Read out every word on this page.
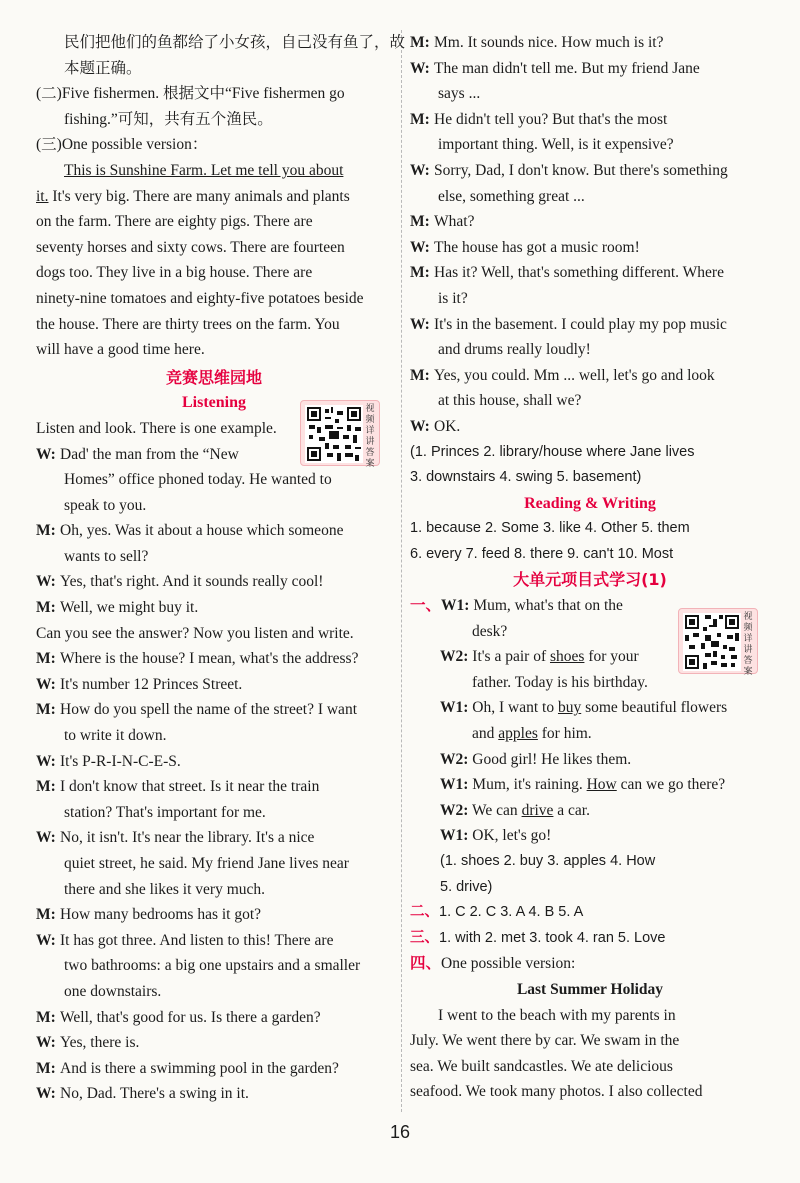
民们把他们的鱼都给了小女孩，自己没有鱼了，故
本题正确。
(二)Five fishermen. 根据文中“Five fishermen go
fishing.”可知，共有五个渔民。
(三)One possible version：
This is Sunshine Farm. Let me tell you about
it. It's very big. There are many animals and plants
on the farm. There are eighty pigs. There are
seventy horses and sixty cows. There are fourteen
dogs too. They live in a big house. There are
ninety-nine tomatoes and eighty-five potatoes beside
the house. There are thirty trees on the farm. You
will have a good time here.
竞赛思维园地
Listening
Listen and look. There is one example.
W: Dad' the man from the “New
Homes” office phoned today. He wanted to
speak to you.
M: Oh, yes. Was it about a house which someone
wants to sell?
W: Yes, that's right. And it sounds really cool!
M: Well, we might buy it.
Can you see the answer? Now you listen and write.
M: Where is the house? I mean, what's the address?
W: It's number 12 Princes Street.
M: How do you spell the name of the street? I want
to write it down.
W: It's P-R-I-N-C-E-S.
M: I don't know that street. Is it near the train
station? That's important for me.
W: No, it isn't. It's near the library. It's a nice
quiet street, he said. My friend Jane lives near
there and she likes it very much.
M: How many bedrooms has it got?
W: It has got three. And listen to this! There are
two bathrooms: a big one upstairs and a smaller
one downstairs.
M: Well, that's good for us. Is there a garden?
W: Yes, there is.
M: And is there a swimming pool in the garden?
W: No, Dad. There's a swing in it.
视频详讲答案
M: Mm. It sounds nice. How much is it?
W: The man didn't tell me. But my friend Jane
says ...
M: He didn't tell you? But that's the most
important thing. Well, is it expensive?
W: Sorry, Dad, I don't know. But there's something
else, something great ...
M: What?
W: The house has got a music room!
M: Has it? Well, that's something different. Where
is it?
W: It's in the basement. I could play my pop music
and drums really loudly!
M: Yes, you could. Mm ... well, let's go and look
at this house, shall we?
W: OK.
(1. Princes 2. library/house where Jane lives
3. downstairs 4. swing 5. basement)
Reading & Writing
1. because 2. Some 3. like 4. Other 5. them
6. every 7. feed 8. there 9. can't 10. Most
大单元项目式学习(1)
一、W1: Mum, what's that on the
desk?
W2: It's a pair of shoes for your
father. Today is his birthday.
W1: Oh, I want to buy some beautiful flowers
and apples for him.
W2: Good girl! He likes them.
W1: Mum, it's raining. How can we go there?
W2: We can drive a car.
W1: OK, let's go!
(1. shoes 2. buy 3. apples 4. How
5. drive)
二、1. C 2. C 3. A 4. B 5. A
三、1. with 2. met 3. took 4. ran 5. Love
四、One possible version:
Last Summer Holiday
I went to the beach with my parents in
July. We went there by car. We swam in the
sea. We built sandcastles. We ate delicious
seafood. We took many photos. I also collected
视频详讲答案
16
